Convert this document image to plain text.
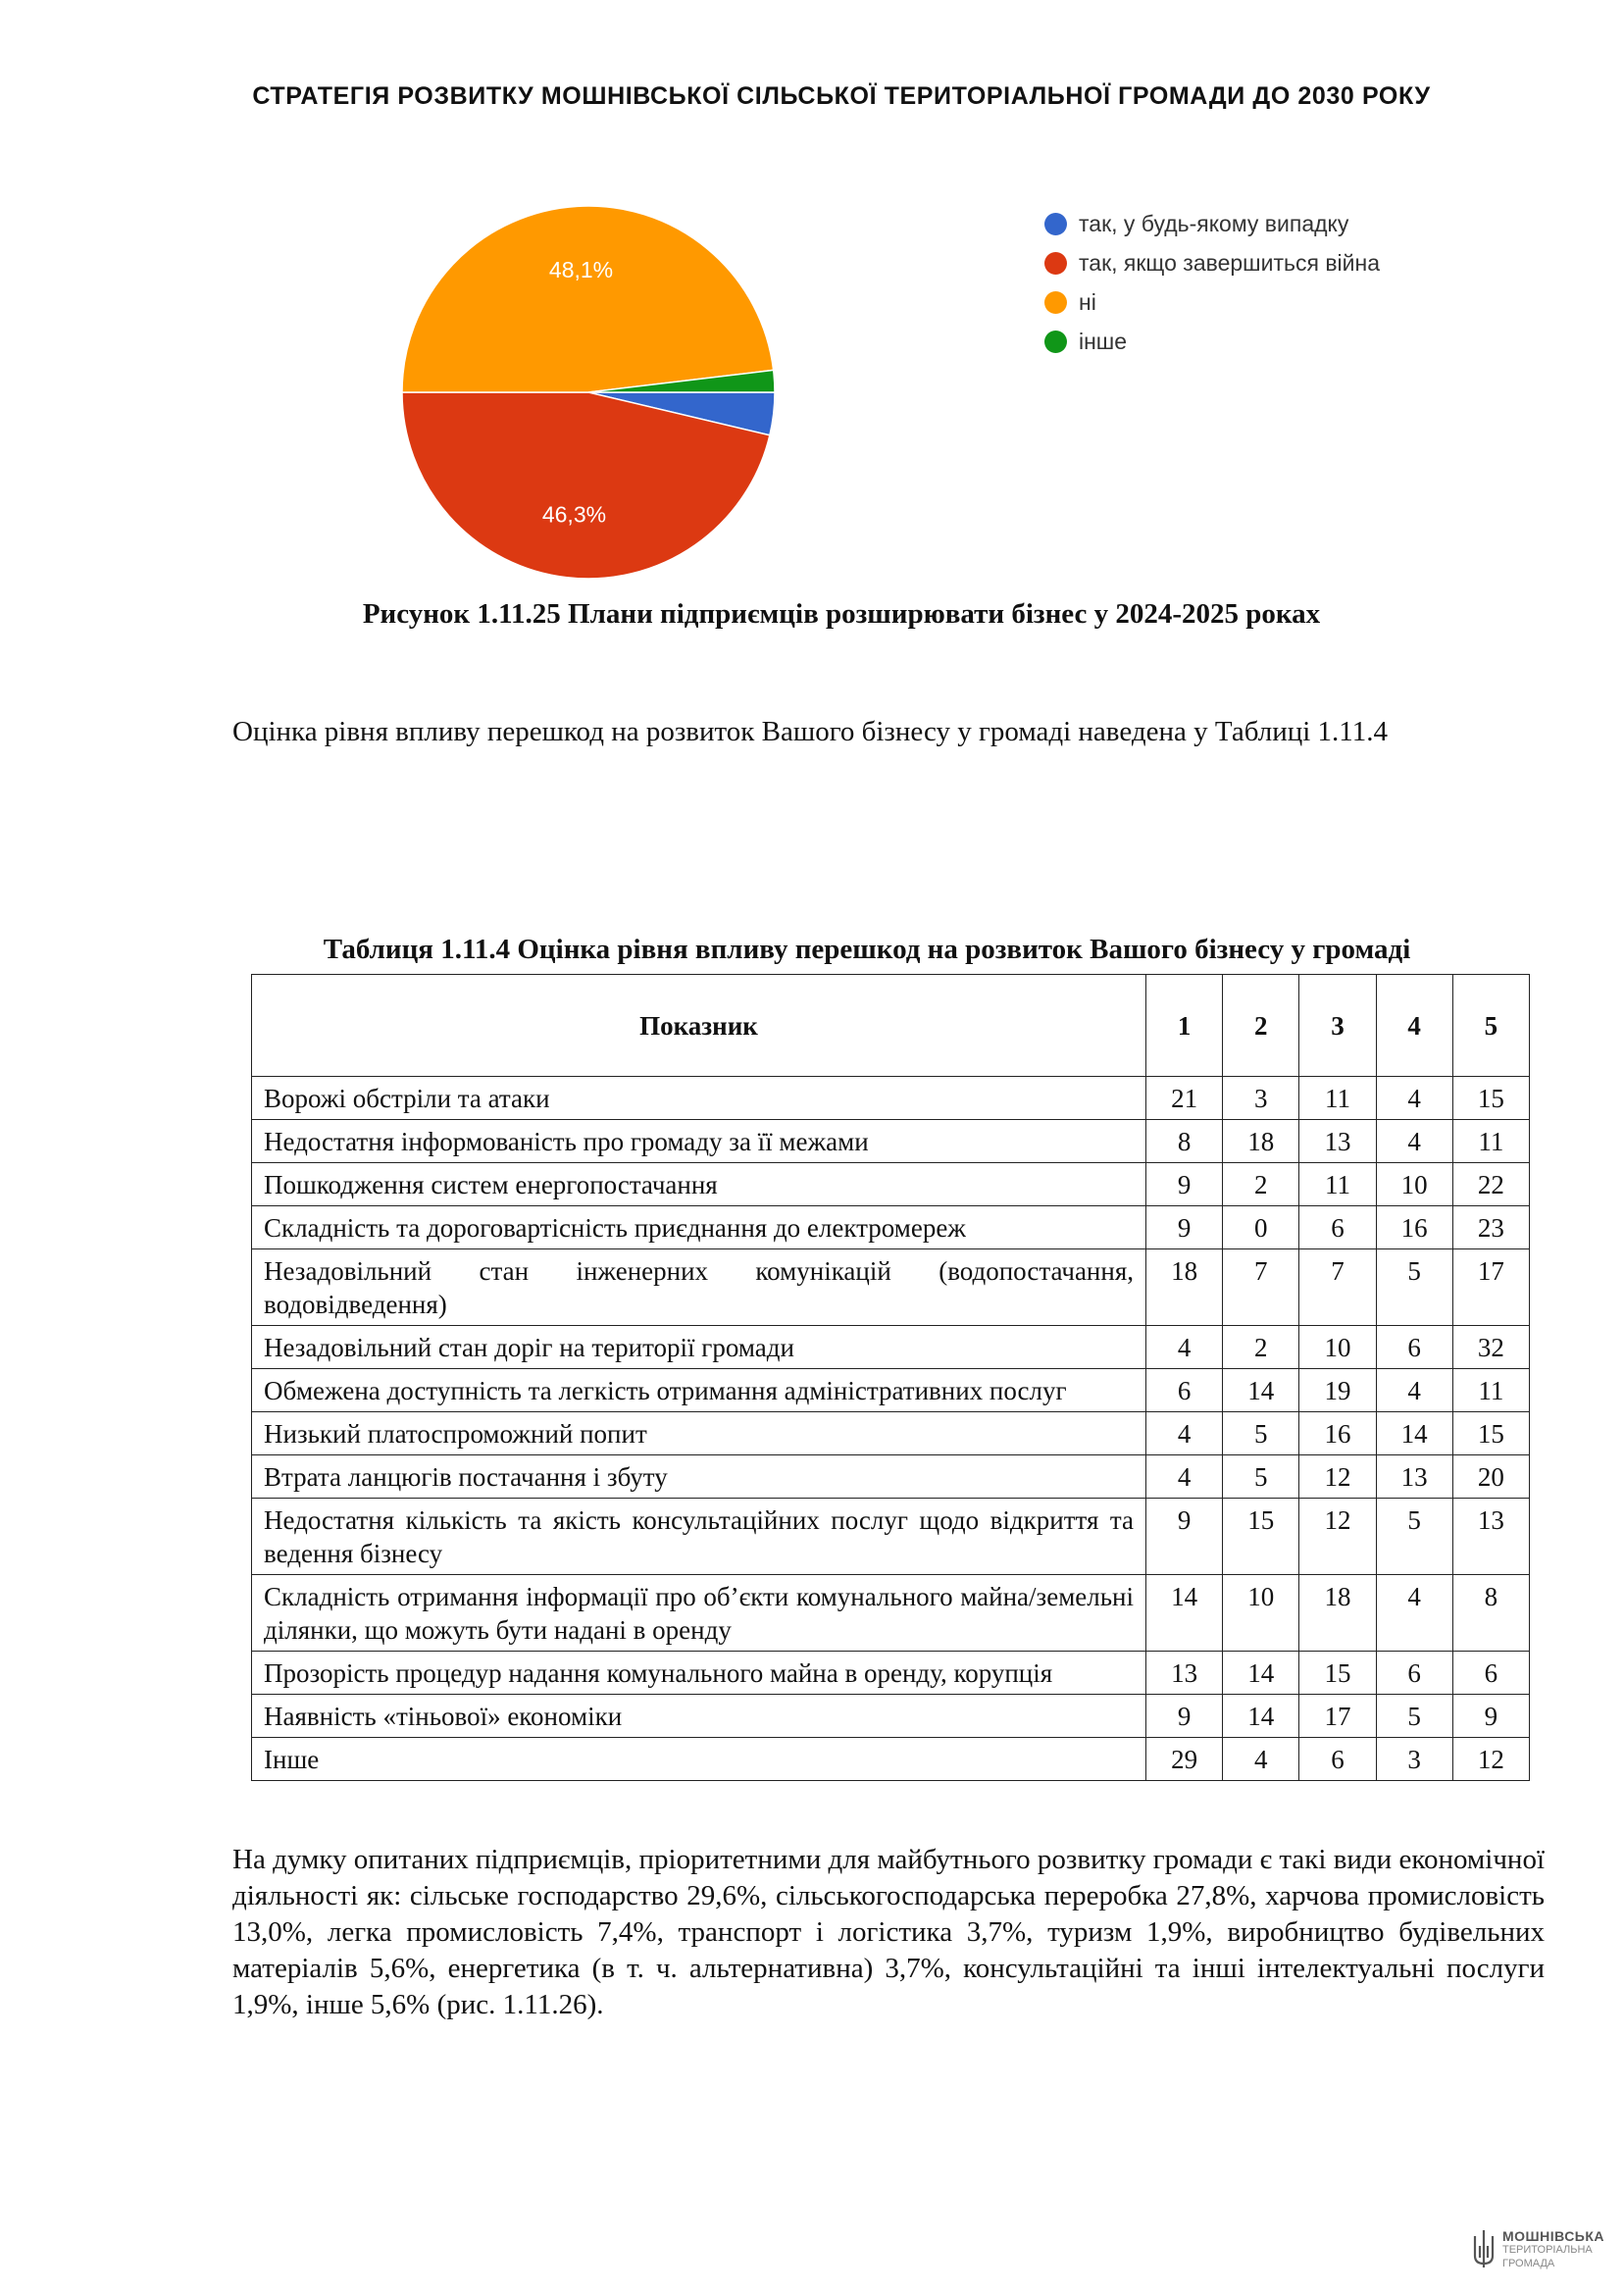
СТРАТЕГІЯ РОЗВИТКУ МОШНІВСЬКОЇ СІЛЬСЬКОЇ ТЕРИТОРІАЛЬНОЇ ГРОМАДИ ДО 2030 РОКУ
46,3%
48,1%
так, у будь-якому випадку
так, якщо завершиться війна
ні
інше
Рисунок 1.11.25 Плани підприємців розширювати бізнес у 2024-2025 роках
Оцінка рівня впливу перешкод на розвиток Вашого бізнесу у громаді наведена у Таблиці 1.11.4
Таблиця 1.11.4 Оцінка рівня впливу перешкод на розвиток Вашого бізнесу у громаді
Показник	1	2	3	4	5
Ворожі обстріли та атаки	21	3	11	4	15
Недостатня інформованість про громаду за її межами	8	18	13	4	11
Пошкодження систем енергопостачання	9	2	11	10	22
Складність та дороговартісність приєднання до електромереж	9	0	6	16	23
Незадовільний стан інженерних комунікацій (водопостачання, водовідведення)	18	7	7	5	17
Незадовільний стан доріг на території громади	4	2	10	6	32
Обмежена доступність та легкість отримання адміністративних послуг	6	14	19	4	11
Низький платоспроможний попит	4	5	16	14	15
Втрата ланцюгів постачання і збуту	4	5	12	13	20
Недостатня кількість та якість консультаційних послуг щодо відкриття та ведення бізнесу	9	15	12	5	13
Складність отримання інформації про об’єкти комунального майна/земельні ділянки, що можуть бути надані в оренду	14	10	18	4	8
Прозорість процедур надання комунального майна в оренду, корупція	13	14	15	6	6
Наявність «тіньової» економіки	9	14	17	5	9
Інше	29	4	6	3	12
На думку опитаних підприємців, пріоритетними для майбутнього розвитку громади є такі види економічної діяльності як: сільське господарство 29,6%, сільськогосподарська переробка 27,8%, харчова промисловість 13,0%, легка промисловість 7,4%, транспорт і логістика 3,7%, туризм 1,9%, виробництво будівельних матеріалів 5,6%, енергетика (в т. ч. альтернативна) 3,7%, консультаційні та інші інтелектуальні послуги 1,9%, інше 5,6% (рис. 1.11.26).
МОШНІВСЬКА
ТЕРИТОРІАЛЬНА
ГРОМАДА
